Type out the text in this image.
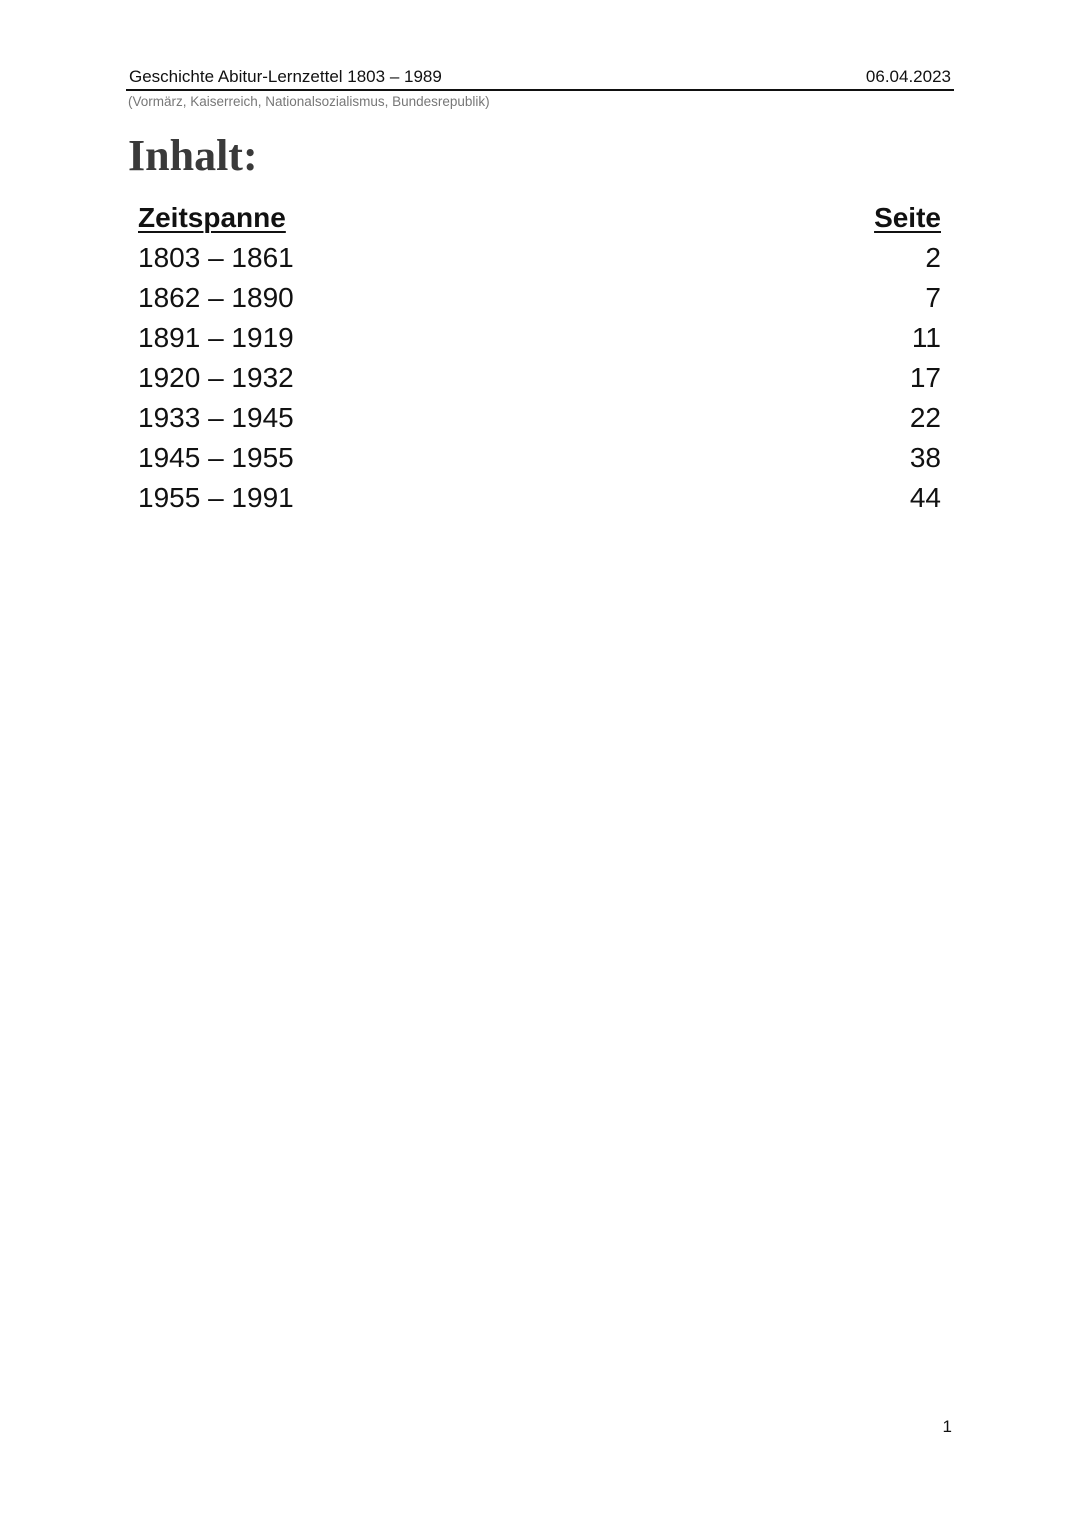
Geschichte Abitur-Lernzettel 1803 – 1989	06.04.2023
(Vormärz, Kaiserreich, Nationalsozialismus, Bundesrepublik)
Inhalt:
Zeitspanne	Seite
1803 – 1861	2
1862 – 1890	7
1891 – 1919	11
1920 – 1932	17
1933 – 1945	22
1945 – 1955	38
1955 – 1991	44
1
